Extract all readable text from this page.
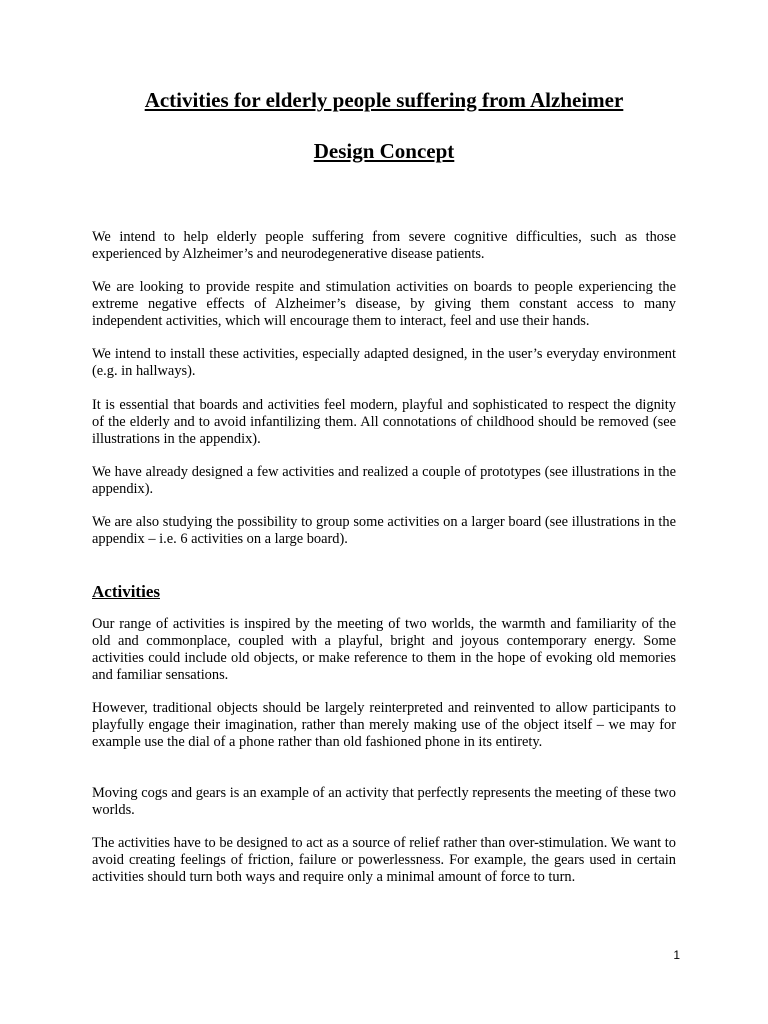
Activities for elderly people suffering from Alzheimer
Design Concept

We intend to help elderly people suffering from severe cognitive difficulties, such as those experienced by Alzheimer’s and neurodegenerative disease patients.

We are looking to provide respite and stimulation activities on boards to people experiencing the extreme negative effects of Alzheimer’s disease, by giving them constant access to many independent activities, which will encourage them to interact, feel and use their hands.

We intend to install these activities, especially adapted designed, in the user’s everyday environment (e.g. in hallways).

It is essential that boards and activities feel modern, playful and sophisticated to respect the dignity of the elderly and to avoid infantilizing them. All connotations of childhood should be removed (see illustrations in the appendix).

We have already designed a few activities and realized a couple of prototypes (see illustrations in the appendix).

We are also studying the possibility to group some activities on a larger board (see illustrations in the appendix – i.e. 6 activities on a large board).

Activities

Our range of activities is inspired by the meeting of two worlds, the warmth and familiarity of the old and commonplace, coupled with a playful, bright and joyous contemporary energy. Some activities could include old objects, or make reference to them in the hope of evoking old memories and familiar sensations.

However, traditional objects should be largely reinterpreted and reinvented to allow participants to playfully engage their imagination, rather than merely making use of the object itself – we may for example use the dial of a phone rather than old fashioned phone in its entirety.

Moving cogs and gears is an example of an activity that perfectly represents the meeting of these two worlds.

The activities have to be designed to act as a source of relief rather than over-stimulation. We want to avoid creating feelings of friction, failure or powerlessness. For example, the gears used in certain activities should turn both ways and require only a minimal amount of force to turn.

1
